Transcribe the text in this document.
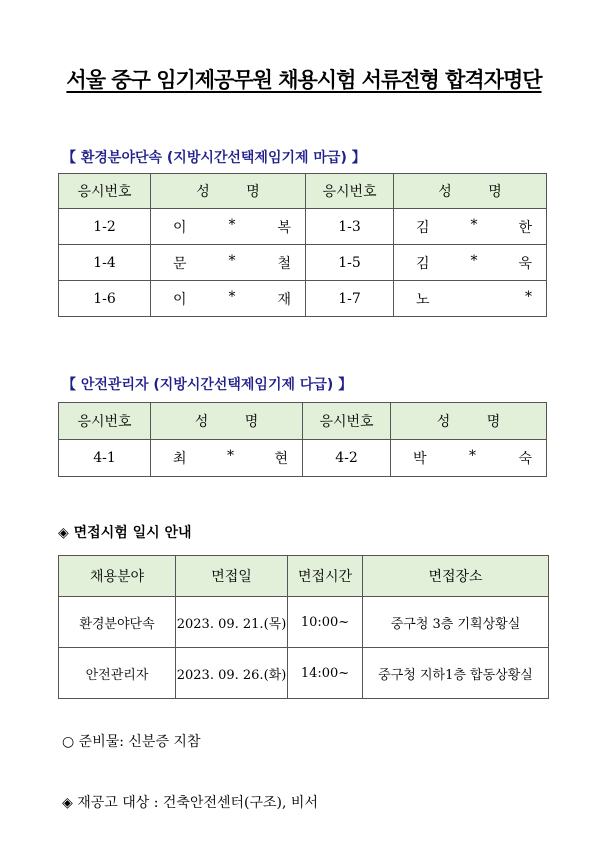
서울 중구 임기제공무원 채용시험 서류전형 합격자명단
【 환경분야단속 (지방시간선택제임기제 마급) 】
응시번호	성 명	응시번호	성 명
1-2	이 * 복	1-3	김 * 한

1-4	문 * 철	1-5	김 * 욱

1-6	이 * 재	1-7	노 *
【 안전관리자 (지방시간선택제임기제 다급) 】
응시번호	성 명	응시번호	성 명
4-1	최 * 현	4-2	박 * 숙
◈ 면접시험 일시 안내
채용분야	면접일	면접시간	면접장소
환경분야단속	2023. 09. 21.(목)	10:00~	중구청 3층 기획상황실
안전관리자	2023. 09. 26.(화)	14:00~	중구청 지하1층 합동상황실
○ 준비물: 신분증 지참
◈ 재공고 대상 : 건축안전센터(구조), 비서
